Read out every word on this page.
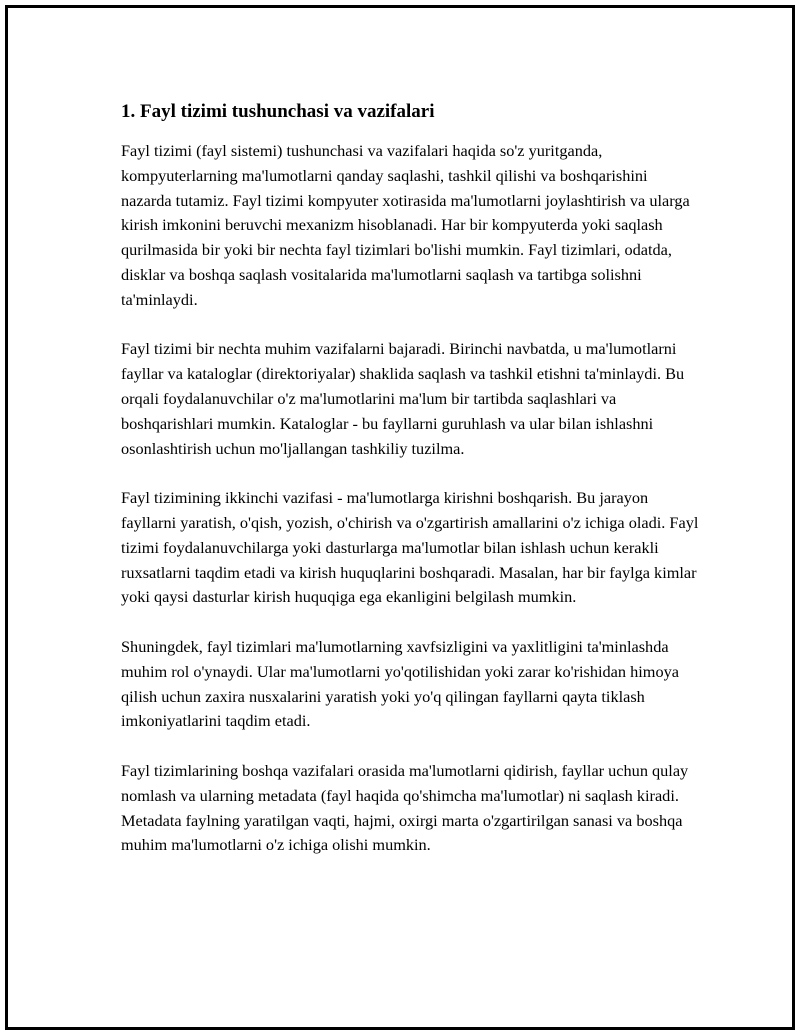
1. Fayl tizimi tushunchasi va vazifalari

Fayl tizimi (fayl sistemi) tushunchasi va vazifalari haqida so'z yuritganda, kompyuterlarning ma'lumotlarni qanday saqlashi, tashkil qilishi va boshqarishini nazarda tutamiz. Fayl tizimi kompyuter xotirasida ma'lumotlarni joylashtirish va ularga kirish imkonini beruvchi mexanizm hisoblanadi. Har bir kompyuterda yoki saqlash qurilmasida bir yoki bir nechta fayl tizimlari bo'lishi mumkin. Fayl tizimlari, odatda, disklar va boshqa saqlash vositalarida ma'lumotlarni saqlash va tartibga solishni ta'minlaydi.

Fayl tizimi bir nechta muhim vazifalarni bajaradi. Birinchi navbatda, u ma'lumotlarni fayllar va kataloglar (direktoriyalar) shaklida saqlash va tashkil etishni ta'minlaydi. Bu orqali foydalanuvchilar o'z ma'lumotlarini ma'lum bir tartibda saqlashlari va boshqarishlari mumkin. Kataloglar - bu fayllarni guruhlash va ular bilan ishlashni osonlashtirish uchun mo'ljallangan tashkiliy tuzilma.

Fayl tizimining ikkinchi vazifasi - ma'lumotlarga kirishni boshqarish. Bu jarayon fayllarni yaratish, o'qish, yozish, o'chirish va o'zgartirish amallarini o'z ichiga oladi. Fayl tizimi foydalanuvchilarga yoki dasturlarga ma'lumotlar bilan ishlash uchun kerakli ruxsatlarni taqdim etadi va kirish huquqlarini boshqaradi. Masalan, har bir faylga kimlar yoki qaysi dasturlar kirish huquqiga ega ekanligini belgilash mumkin.

Shuningdek, fayl tizimlari ma'lumotlarning xavfsizligini va yaxlitligini ta'minlashda muhim rol o'ynaydi. Ular ma'lumotlarni yo'qotilishidan yoki zarar ko'rishidan himoya qilish uchun zaxira nusxalarini yaratish yoki yo'q qilingan fayllarni qayta tiklash imkoniyatlarini taqdim etadi.

Fayl tizimlarining boshqa vazifalari orasida ma'lumotlarni qidirish, fayllar uchun qulay nomlash va ularning metadata (fayl haqida qo'shimcha ma'lumotlar) ni saqlash kiradi. Metadata faylning yaratilgan vaqti, hajmi, oxirgi marta o'zgartirilgan sanasi va boshqa muhim ma'lumotlarni o'z ichiga olishi mumkin.
